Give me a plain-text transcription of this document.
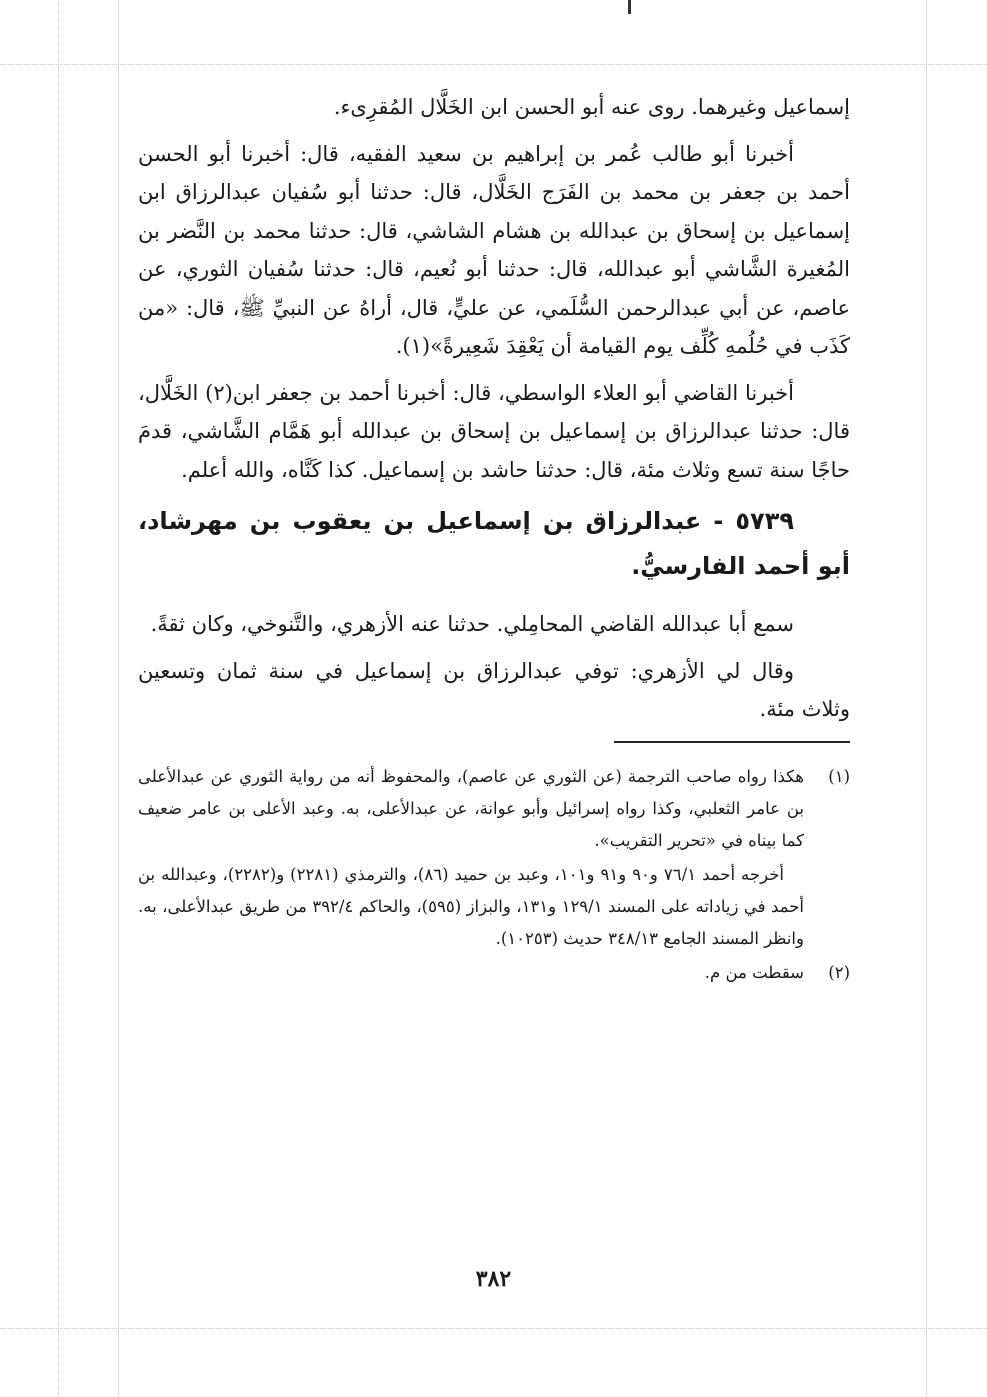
إسماعيل وغيرهما. روى عنه أبو الحسن ابن الخَلَّال المُقرِىء.

أخبرنا أبو طالب عُمر بن إبراهيم بن سعيد الفقيه، قال: أخبرنا أبو الحسن أحمد بن جعفر بن محمد بن الفَرَج الخَلَّال، قال: حدثنا أبو سُفيان عبدالرزاق ابن إسماعيل بن إسحاق بن عبدالله بن هشام الشاشي، قال: حدثنا محمد بن النَّضر بن المُغيرة الشَّاشي أبو عبدالله، قال: حدثنا أبو نُعيم، قال: حدثنا سُفيان الثوري، عن عاصم، عن أبي عبدالرحمن السُّلَمي، عن عليٍّ، قال، أراهُ عن النبيِّ ﷺ، قال: «من كَذَب في حُلُمهِ كُلِّف يوم القيامة أن يَعْقِدَ شَعِيرةً»(١).

أخبرنا القاضي أبو العلاء الواسطي، قال: أخبرنا أحمد بن جعفر ابن(٢) الخَلَّال، قال: حدثنا عبدالرزاق بن إسماعيل بن إسحاق بن عبدالله أبو هَمَّام الشَّاشي، قدمَ حاجًا سنة تسع وثلاث مئة، قال: حدثنا حاشد بن إسماعيل. كذا كَنَّاه، والله أعلم.

٥٧٣٩ - عبدالرزاق بن إسماعيل بن يعقوب بن مهرشاد، أبو أحمد الفارسيُّ.

سمع أبا عبدالله القاضي المحامِلي. حدثنا عنه الأزهري، والتَّنوخي، وكان ثقةً.

وقال لي الأزهري: توفي عبدالرزاق بن إسماعيل في سنة ثمان وتسعين وثلاث مئة.

(١)
هكذا رواه صاحب الترجمة (عن الثوري عن عاصم)، والمحفوظ أنه من رواية الثوري عن عبدالأعلى بن عامر الثعلبي، وكذا رواه إسرائيل وأبو عوانة، عن عبدالأعلى، به. وعبد الأعلى بن عامر ضعيف كما بيناه في «تحرير التقريب».
أخرجه أحمد ٧٦/١ و٩٠ و٩١ و١٠١، وعبد بن حميد (٨٦)، والترمذي (٢٢٨١) و(٢٢٨٢)، وعبدالله بن أحمد في زياداته على المسند ١٢٩/١ و١٣١، والبزاز (٥٩٥)، والحاكم ٣٩٢/٤ من طريق عبدالأعلى، به. وانظر المسند الجامع ٣٤٨/١٣ حديث (١٠٢٥٣).
(٢)
سقطت من م.
٣٨٢
